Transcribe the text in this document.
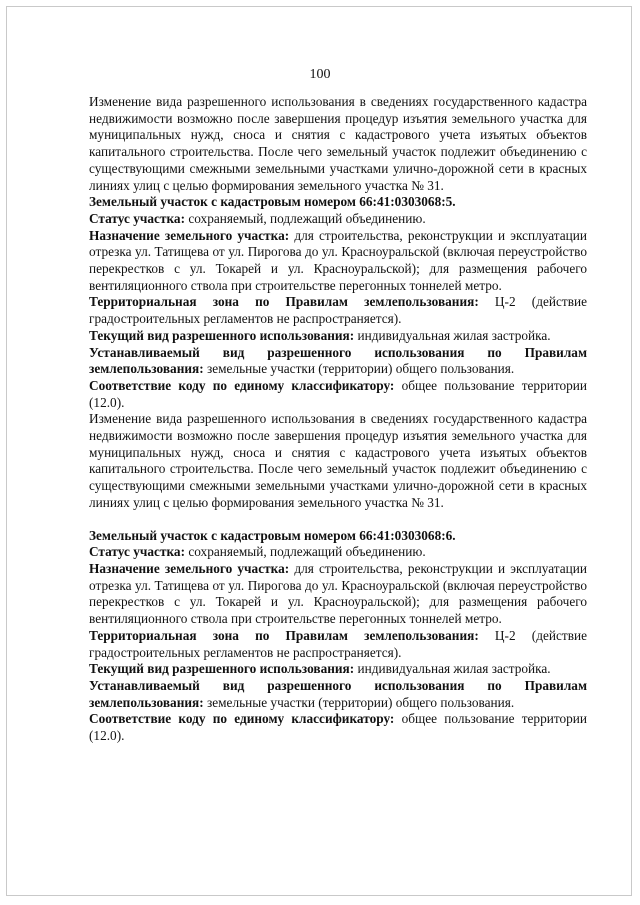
100

Изменение вида разрешенного использования в сведениях государственного кадастра недвижимости возможно после завершения процедур изъятия земельного участка для муниципальных нужд, сноса и снятия с кадастрового учета изъятых объектов капитального строительства. После чего земельный участок подлежит объединению с существующими смежными земельными участками улично-дорожной сети в красных линиях улиц с целью формирования земельного участка № 31.

Земельный участок с кадастровым номером 66:41:0303068:5.

Статус участка: сохраняемый, подлежащий объединению.

Назначение земельного участка: для строительства, реконструкции и эксплуатации отрезка ул. Татищева от ул. Пирогова до ул. Красноуральской (включая переустройство перекрестков с ул. Токарей и ул. Красноуральской); для размещения рабочего вентиляционного ствола при строительстве перегонных тоннелей метро.

Территориальная зона по Правилам землепользования: Ц-2 (действие градостроительных регламентов не распространяется).

Текущий вид разрешенного использования: индивидуальная жилая застройка.

Устанавливаемый вид разрешенного использования по Правилам землепользования: земельные участки (территории) общего пользования.

Соответствие коду по единому классификатору: общее пользование территории (12.0).

Изменение вида разрешенного использования в сведениях государственного кадастра недвижимости возможно после завершения процедур изъятия земельного участка для муниципальных нужд, сноса и снятия с кадастрового учета изъятых объектов капитального строительства. После чего земельный участок подлежит объединению с существующими смежными земельными участками улично-дорожной сети в красных линиях улиц с целью формирования земельного участка № 31.

Земельный участок с кадастровым номером 66:41:0303068:6.

Статус участка: сохраняемый, подлежащий объединению.

Назначение земельного участка: для строительства, реконструкции и эксплуатации отрезка ул. Татищева от ул. Пирогова до ул. Красноуральской (включая переустройство перекрестков с ул. Токарей и ул. Красноуральской); для размещения рабочего вентиляционного ствола при строительстве перегонных тоннелей метро.

Территориальная зона по Правилам землепользования: Ц-2 (действие градостроительных регламентов не распространяется).

Текущий вид разрешенного использования: индивидуальная жилая застройка.

Устанавливаемый вид разрешенного использования по Правилам землепользования: земельные участки (территории) общего пользования.

Соответствие коду по единому классификатору: общее пользование территории (12.0).
